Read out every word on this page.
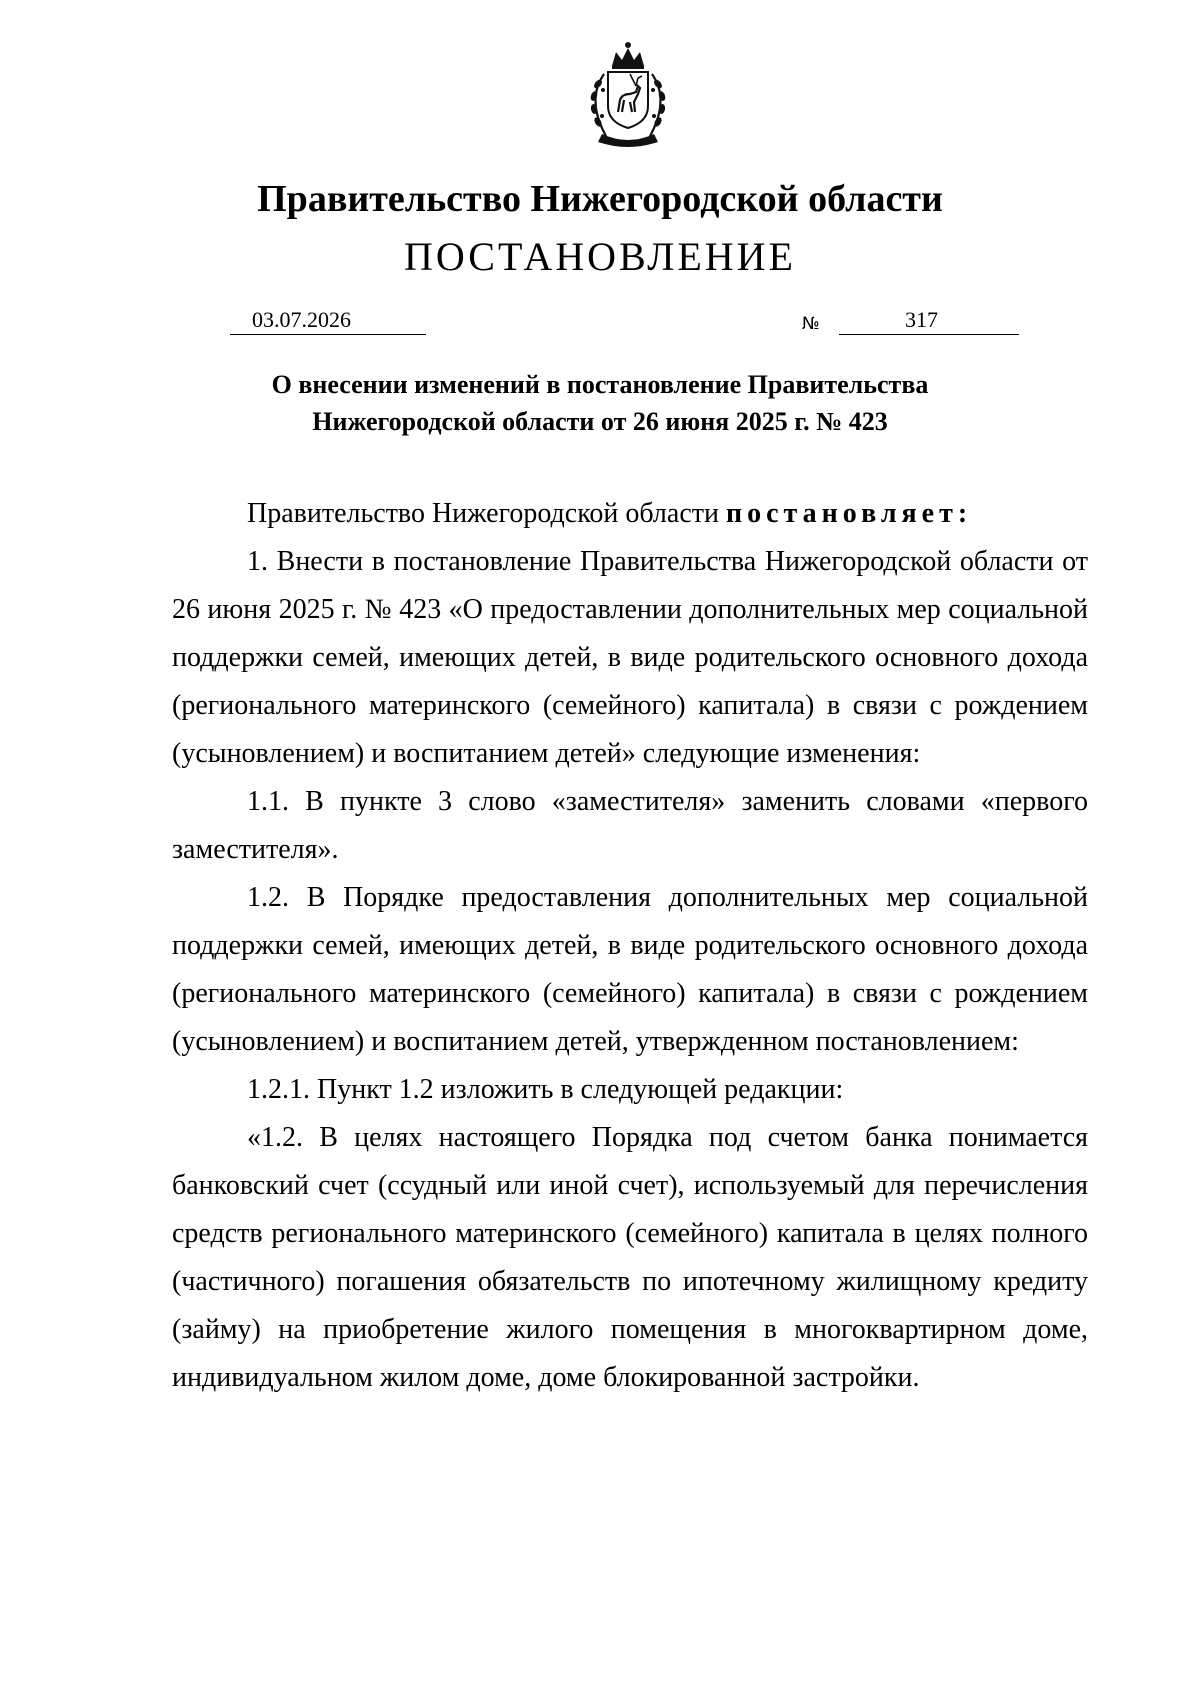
Правительство Нижегородской области
ПОСТАНОВЛЕНИЕ
03.07.2026	№	317
О внесении изменений в постановление Правительства
Нижегородской области от 26 июня 2025 г. № 423

Правительство Нижегородской области постановляет:

1. Внести в постановление Правительства Нижегородской области от 26 июня 2025 г. № 423 «О предоставлении дополнительных мер социальной поддержки семей, имеющих детей, в виде родительского основного дохода (регионального материнского (семейного) капитала) в связи с рождением (усыновлением) и воспитанием детей» следующие изменения:

1.1. В пункте 3 слово «заместителя» заменить словами «первого заместителя».

1.2. В Порядке предоставления дополнительных мер социальной поддержки семей, имеющих детей, в виде родительского основного дохода (регионального материнского (семейного) капитала) в связи с рождением (усыновлением) и воспитанием детей, утвержденном постановлением:

1.2.1. Пункт 1.2 изложить в следующей редакции:

«1.2. В целях настоящего Порядка под счетом банка понимается банковский счет (ссудный или иной счет), используемый для перечисления средств регионального материнского (семейного) капитала в целях полного (частичного) погашения обязательств по ипотечному жилищному кредиту (займу) на приобретение жилого помещения в многоквартирном доме, индивидуальном жилом доме, доме блокированной застройки.
